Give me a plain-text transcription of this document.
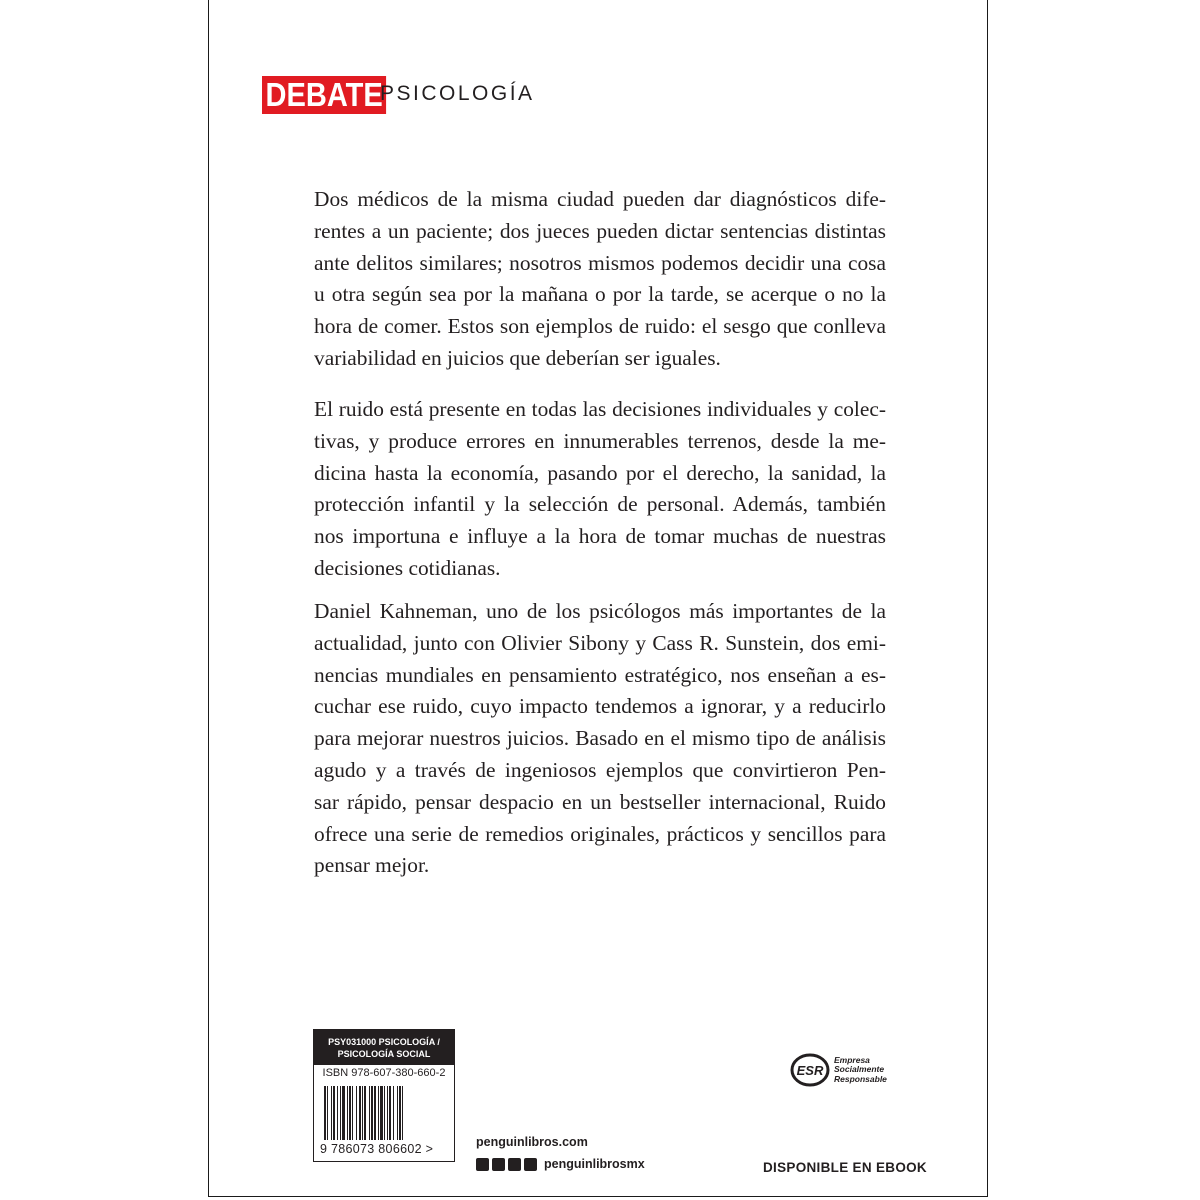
DEBATE
PSICOLOGÍA
Dos médicos de la misma ciudad pueden dar diagnósticos dife-
rentes a un paciente; dos jueces pueden dictar sentencias distintas
ante delitos similares; nosotros mismos podemos decidir una cosa
u otra según sea por la mañana o por la tarde, se acerque o no la
hora de comer. Estos son ejemplos de ruido: el sesgo que conlleva
variabilidad en juicios que deberían ser iguales.
El ruido está presente en todas las decisiones individuales y colec-
tivas, y produce errores en innumerables terrenos, desde la me-
dicina hasta la economía, pasando por el derecho, la sanidad, la
protección infantil y la selección de personal. Además, también
nos importuna e influye a la hora de tomar muchas de nuestras
decisiones cotidianas.
Daniel Kahneman, uno de los psicólogos más importantes de la
actualidad, junto con Olivier Sibony y Cass R. Sunstein, dos emi-
nencias mundiales en pensamiento estratégico, nos enseñan a es-
cuchar ese ruido, cuyo impacto tendemos a ignorar, y a reducirlo
para mejorar nuestros juicios. Basado en el mismo tipo de análisis
agudo y a través de ingeniosos ejemplos que convirtieron Pen-
sar rápido, pensar despacio en un bestseller internacional, Ruido
ofrece una serie de remedios originales, prácticos y sencillos para
pensar mejor.
PSY031000 PSICOLOGÍA /
PSICOLOGÍA SOCIAL
ISBN 978-607-380-660-2
9 786073 806602 >	penguinlibros.com
penguinlibrosmx
ESR
Empresa
Socialmente
Responsable
DISPONIBLE EN EBOOK
